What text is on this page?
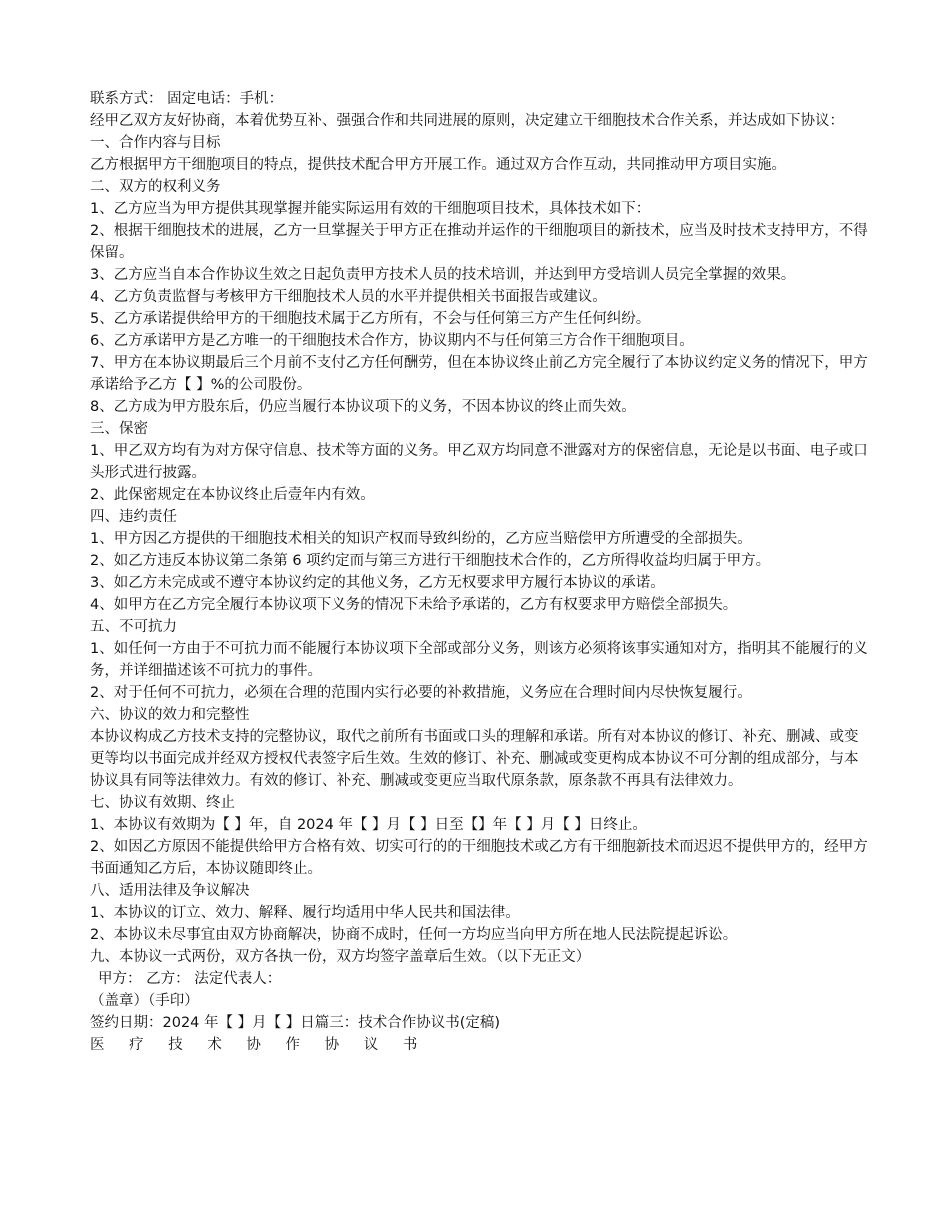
联系方式： 固定电话：手机：

经甲乙双方友好协商，本着优势互补、强强合作和共同进展的原则，决定建立干细胞技术合作关系，并达成如下协议：

一、合作内容与目标

乙方根据甲方干细胞项目的特点，提供技术配合甲方开展工作。通过双方合作互动，共同推动甲方项目实施。

二、双方的权利义务

1、乙方应当为甲方提供其现掌握并能实际运用有效的干细胞项目技术，具体技术如下：

2、根据干细胞技术的进展，乙方一旦掌握关于甲方正在推动并运作的干细胞项目的新技术，应当及时技术支持甲方，不得保留。

3、乙方应当自本合作协议生效之日起负责甲方技术人员的技术培训，并达到甲方受培训人员完全掌握的效果。

4、乙方负责监督与考核甲方干细胞技术人员的水平并提供相关书面报告或建议。

5、乙方承诺提供给甲方的干细胞技术属于乙方所有，不会与任何第三方产生任何纠纷。

6、乙方承诺甲方是乙方唯一的干细胞技术合作方，协议期内不与任何第三方合作干细胞项目。

7、甲方在本协议期最后三个月前不支付乙方任何酬劳，但在本协议终止前乙方完全履行了本协议约定义务的情况下，甲方承诺给予乙方【 】%的公司股份。

8、乙方成为甲方股东后，仍应当履行本协议项下的义务，不因本协议的终止而失效。

三、保密

1、甲乙双方均有为对方保守信息、技术等方面的义务。甲乙双方均同意不泄露对方的保密信息，无论是以书面、电子或口头形式进行披露。

2、此保密规定在本协议终止后壹年内有效。

四、违约责任

1、甲方因乙方提供的干细胞技术相关的知识产权而导致纠纷的，乙方应当赔偿甲方所遭受的全部损失。

2、如乙方违反本协议第二条第 6 项约定而与第三方进行干细胞技术合作的，乙方所得收益均归属于甲方。

3、如乙方未完成或不遵守本协议约定的其他义务，乙方无权要求甲方履行本协议的承诺。

4、如甲方在乙方完全履行本协议项下义务的情况下未给予承诺的，乙方有权要求甲方赔偿全部损失。

五、不可抗力

1、如任何一方由于不可抗力而不能履行本协议项下全部或部分义务，则该方必须将该事实通知对方，指明其不能履行的义务，并详细描述该不可抗力的事件。

2、对于任何不可抗力，必须在合理的范围内实行必要的补救措施，义务应在合理时间内尽快恢复履行。

六、协议的效力和完整性

本协议构成乙方技术支持的完整协议，取代之前所有书面或口头的理解和承诺。所有对本协议的修订、补充、删减、或变更等均以书面完成并经双方授权代表签字后生效。生效的修订、补充、删减或变更构成本协议不可分割的组成部分，与本协议具有同等法律效力。有效的修订、补充、删减或变更应当取代原条款，原条款不再具有法律效力。

七、协议有效期、终止

1、本协议有效期为【 】年，自 2024 年【 】月【 】日至【】年【 】月【 】日终止。

2、如因乙方原因不能提供给甲方合格有效、切实可行的的干细胞技术或乙方有干细胞新技术而迟迟不提供甲方的，经甲方书面通知乙方后，本协议随即终止。

八、适用法律及争议解决

1、本协议的订立、效力、解释、履行均适用中华人民共和国法律。

2、本协议未尽事宜由双方协商解决，协商不成时，任何一方均应当向甲方所在地人民法院提起诉讼。

九、本协议一式两份，双方各执一份，双方均签字盖章后生效。（以下无正文）

甲方： 乙方： 法定代表人：

（盖章）（手印）

签约日期：2024 年【 】月【 】日篇三：技术合作协议书(定稿)

医 疗 技 术 协 作 协 议 书
